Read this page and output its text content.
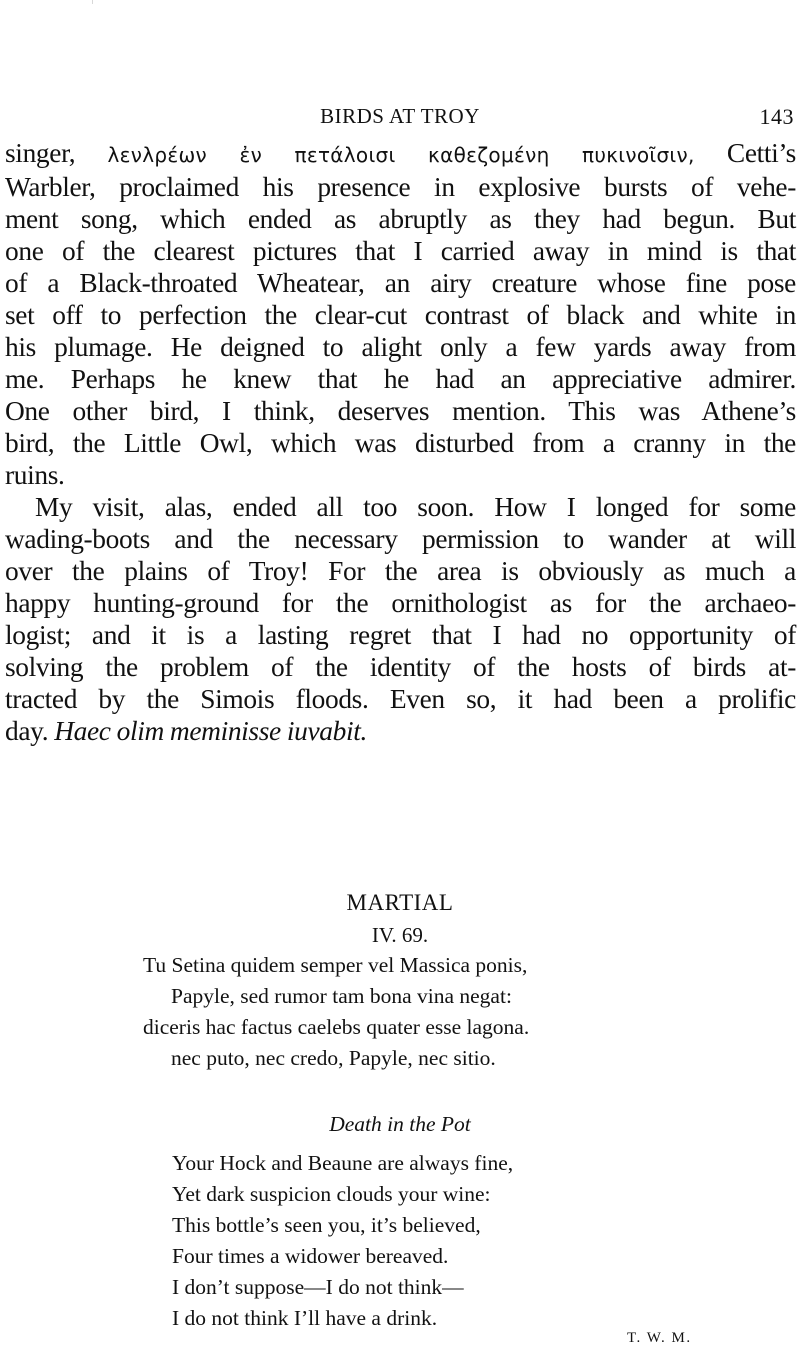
BIRDS AT TROY	143

singer, λενλρέων ἐν πετάλοισι καθεζομένη πυκινοῖσιν, Cetti’s
Warbler, proclaimed his presence in explosive bursts of vehe-
ment song, which ended as abruptly as they had begun. But
one of the clearest pictures that I carried away in mind is that
of a Black-throated Wheatear, an airy creature whose fine pose
set off to perfection the clear-cut contrast of black and white in
his plumage. He deigned to alight only a few yards away from
me. Perhaps he knew that he had an appreciative admirer.
One other bird, I think, deserves mention. This was Athene’s
bird, the Little Owl, which was disturbed from a cranny in the
ruins.

My visit, alas, ended all too soon. How I longed for some
wading-boots and the necessary permission to wander at will
over the plains of Troy! For the area is obviously as much a
happy hunting-ground for the ornithologist as for the archaeo-
logist; and it is a lasting regret that I had no opportunity of
solving the problem of the identity of the hosts of birds at-
tracted by the Simois floods. Even so, it had been a prolific
day. Haec olim meminisse iuvabit.

MARTIAL
IV. 69.
Tu Setina quidem semper vel Massica ponis,
Papyle, sed rumor tam bona vina negat:
diceris hac factus caelebs quater esse lagona.
nec puto, nec credo, Papyle, nec sitio.
Death in the Pot
Your Hock and Beaune are always fine,
Yet dark suspicion clouds your wine:
This bottle’s seen you, it’s believed,
Four times a widower bereaved.
I don’t suppose—I do not think—
I do not think I’ll have a drink.
T. W. M.
